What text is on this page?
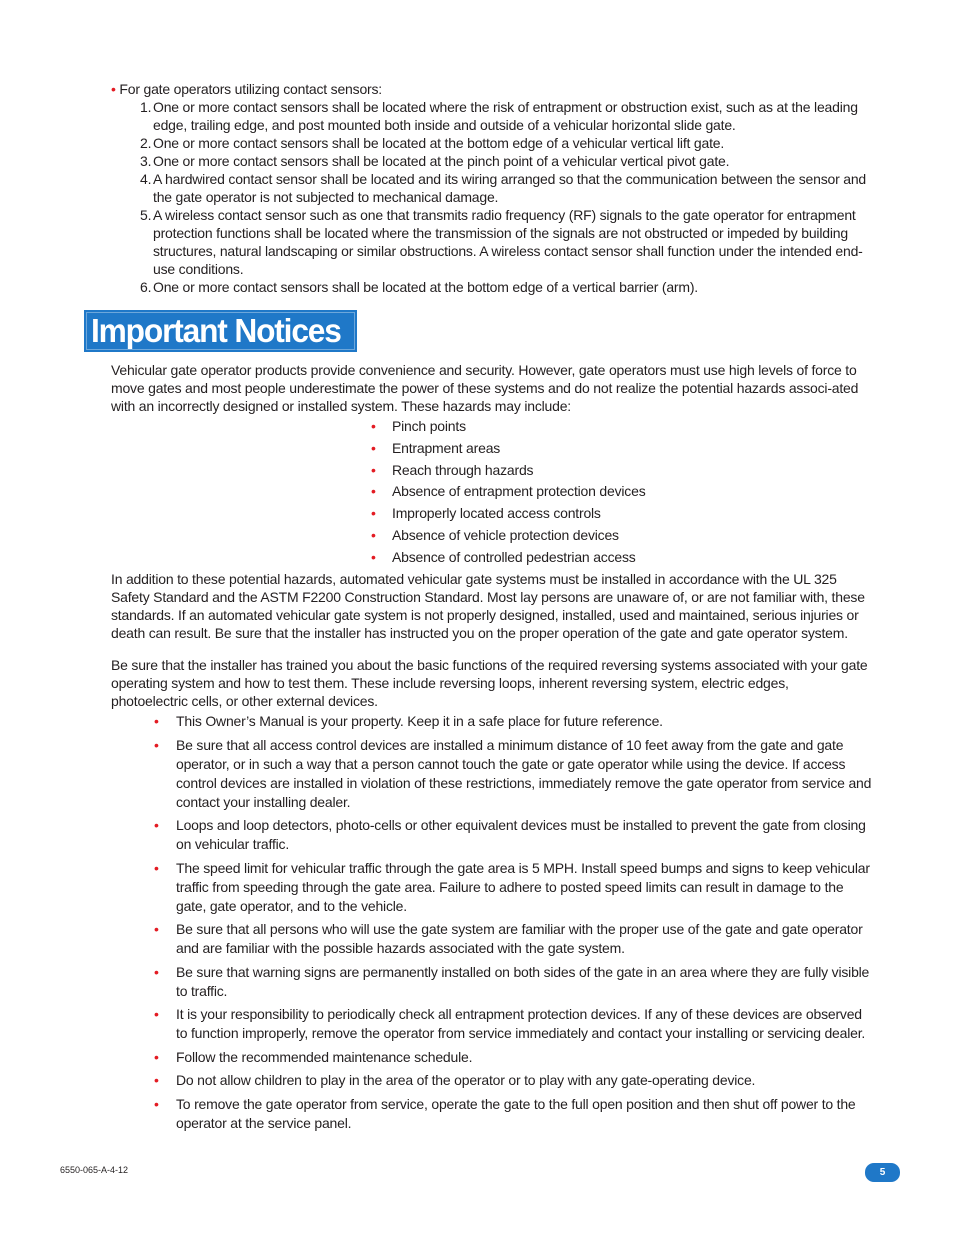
• For gate operators utilizing contact sensors:
1. One or more contact sensors shall be located where the risk of entrapment or obstruction exist, such as at the leading edge, trailing edge, and post mounted both inside and outside of a vehicular horizontal slide gate.
2. One or more contact sensors shall be located at the bottom edge of a vehicular vertical lift gate.
3. One or more contact sensors shall be located at the pinch point of a vehicular vertical pivot gate.
4. A hardwired contact sensor shall be located and its wiring arranged so that the communication between the sensor and the gate operator is not subjected to mechanical damage.
5. A wireless contact sensor such as one that transmits radio frequency (RF) signals to the gate operator for entrapment protection functions shall be located where the transmission of the signals are not obstructed or impeded by building structures, natural landscaping or similar obstructions. A wireless contact sensor shall function under the intended end-use conditions.
6. One or more contact sensors shall be located at the bottom edge of a vertical barrier (arm).
Important Notices

Vehicular gate operator products provide convenience and security. However, gate operators must use high levels of force to move gates and most people underestimate the power of these systems and do not realize the potential hazards associ-ated with an incorrectly designed or installed system. These hazards may include:

• Pinch points
• Entrapment areas
• Reach through hazards
• Absence of entrapment protection devices
• Improperly located access controls
• Absence of vehicle protection devices
• Absence of controlled pedestrian access

In addition to these potential hazards, automated vehicular gate systems must be installed in accordance with the UL 325 Safety Standard and the ASTM F2200 Construction Standard. Most lay persons are unaware of, or are not familiar with, these standards. If an automated vehicular gate system is not properly designed, installed, used and maintained, serious injuries or death can result. Be sure that the installer has instructed you on the proper operation of the gate and gate operator system.

Be sure that the installer has trained you about the basic functions of the required reversing systems associated with your gate operating system and how to test them. These include reversing loops, inherent reversing system, electric edges, photoelectric cells, or other external devices.

• This Owner’s Manual is your property. Keep it in a safe place for future reference.
• Be sure that all access control devices are installed a minimum distance of 10 feet away from the gate and gate operator, or in such a way that a person cannot touch the gate or gate operator while using the device. If access control devices are installed in violation of these restrictions, immediately remove the gate operator from service and contact your installing dealer.
• Loops and loop detectors, photo-cells or other equivalent devices must be installed to prevent the gate from closing on vehicular traffic.
• The speed limit for vehicular traffic through the gate area is 5 MPH. Install speed bumps and signs to keep vehicular traffic from speeding through the gate area. Failure to adhere to posted speed limits can result in damage to the gate, gate operator, and to the vehicle.
• Be sure that all persons who will use the gate system are familiar with the proper use of the gate and gate operator and are familiar with the possible hazards associated with the gate system.
• Be sure that warning signs are permanently installed on both sides of the gate in an area where they are fully visible to traffic.
• It is your responsibility to periodically check all entrapment protection devices. If any of these devices are observed to function improperly, remove the operator from service immediately and contact your installing or servicing dealer.
• Follow the recommended maintenance schedule.
• Do not allow children to play in the area of the operator or to play with any gate-operating device.
• To remove the gate operator from service, operate the gate to the full open position and then shut off power to the operator at the service panel.
6550-065-A-4-12	5
